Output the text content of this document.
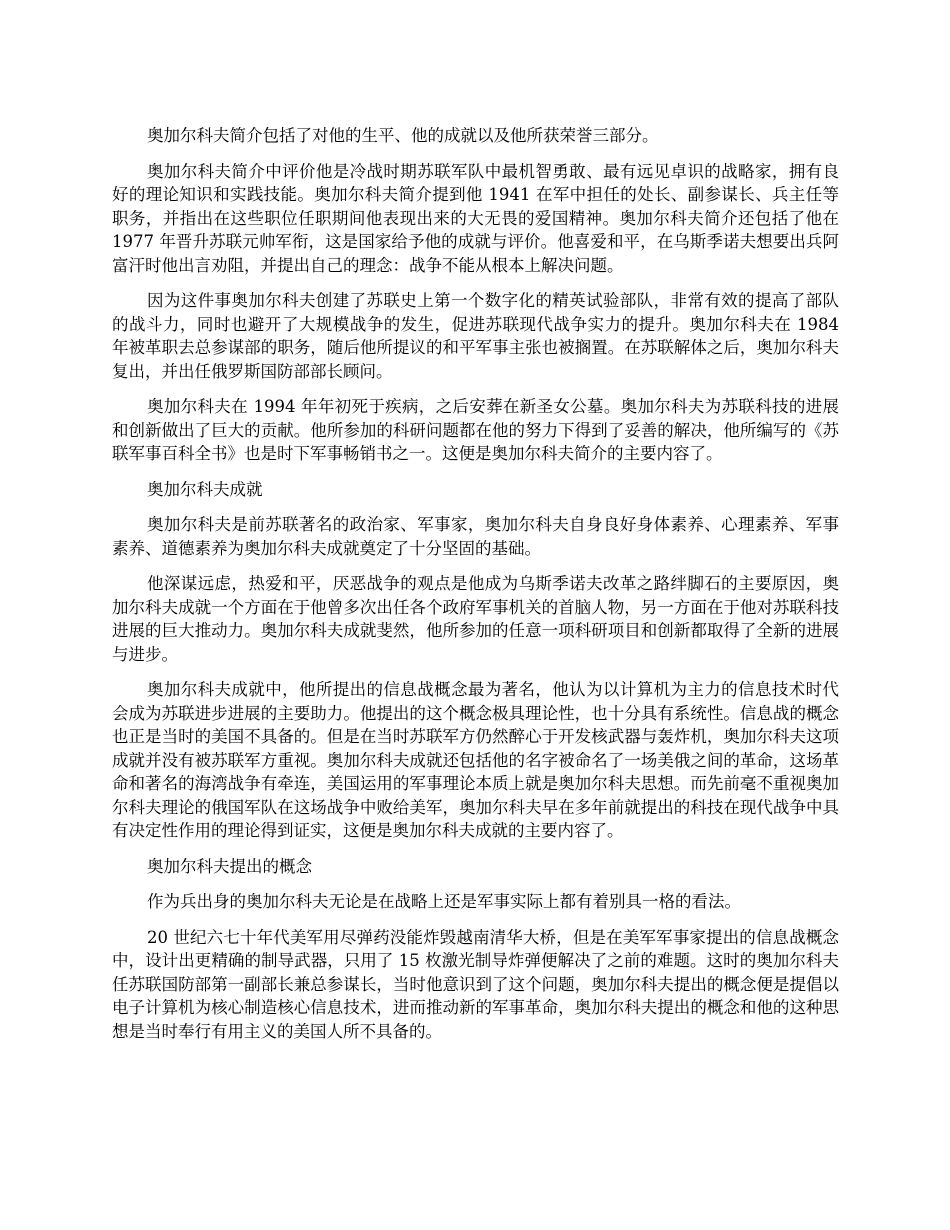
奥加尔科夫简介包括了对他的生平、他的成就以及他所获荣誉三部分。

奥加尔科夫简介中评价他是冷战时期苏联军队中最机智勇敢、最有远见卓识的战略家，拥有良好的理论知识和实践技能。奥加尔科夫简介提到他 1941 在军中担任的处长、副参谋长、兵主任等职务，并指出在这些职位任职期间他表现出来的大无畏的爱国精神。奥加尔科夫简介还包括了他在 1977 年晋升苏联元帅军衔，这是国家给予他的成就与评价。他喜爱和平，在乌斯季诺夫想要出兵阿富汗时他出言劝阻，并提出自己的理念：战争不能从根本上解决问题。

因为这件事奥加尔科夫创建了苏联史上第一个数字化的精英试验部队，非常有效的提高了部队的战斗力，同时也避开了大规模战争的发生，促进苏联现代战争实力的提升。奥加尔科夫在 1984 年被革职去总参谋部的职务，随后他所提议的和平军事主张也被搁置。在苏联解体之后，奥加尔科夫复出，并出任俄罗斯国防部部长顾问。

奥加尔科夫在 1994 年年初死于疾病，之后安葬在新圣女公墓。奥加尔科夫为苏联科技的进展和创新做出了巨大的贡献。他所参加的科研问题都在他的努力下得到了妥善的解决，他所编写的《苏联军事百科全书》也是时下军事畅销书之一。这便是奥加尔科夫简介的主要内容了。

奥加尔科夫成就

奥加尔科夫是前苏联著名的政治家、军事家，奥加尔科夫自身良好身体素养、心理素养、军事素养、道德素养为奥加尔科夫成就奠定了十分坚固的基础。

他深谋远虑，热爱和平，厌恶战争的观点是他成为乌斯季诺夫改革之路绊脚石的主要原因，奥加尔科夫成就一个方面在于他曾多次出任各个政府军事机关的首脑人物，另一方面在于他对苏联科技进展的巨大推动力。奥加尔科夫成就斐然，他所参加的任意一项科研项目和创新都取得了全新的进展与进步。

奥加尔科夫成就中，他所提出的信息战概念最为著名，他认为以计算机为主力的信息技术时代会成为苏联进步进展的主要助力。他提出的这个概念极具理论性，也十分具有系统性。信息战的概念也正是当时的美国不具备的。但是在当时苏联军方仍然醉心于开发核武器与轰炸机，奥加尔科夫这项成就并没有被苏联军方重视。奥加尔科夫成就还包括他的名字被命名了一场美俄之间的革命，这场革命和著名的海湾战争有牵连，美国运用的军事理论本质上就是奥加尔科夫思想。而先前毫不重视奥加尔科夫理论的俄国军队在这场战争中败给美军，奥加尔科夫早在多年前就提出的科技在现代战争中具有决定性作用的理论得到证实，这便是奥加尔科夫成就的主要内容了。

奥加尔科夫提出的概念

作为兵出身的奥加尔科夫无论是在战略上还是军事实际上都有着别具一格的看法。

20 世纪六七十年代美军用尽弹药没能炸毁越南清华大桥，但是在美军军事家提出的信息战概念中，设计出更精确的制导武器，只用了 15 枚激光制导炸弹便解决了之前的难题。这时的奥加尔科夫任苏联国防部第一副部长兼总参谋长，当时他意识到了这个问题，奥加尔科夫提出的概念便是提倡以电子计算机为核心制造核心信息技术，进而推动新的军事革命，奥加尔科夫提出的概念和他的这种思想是当时奉行有用主义的美国人所不具备的。
